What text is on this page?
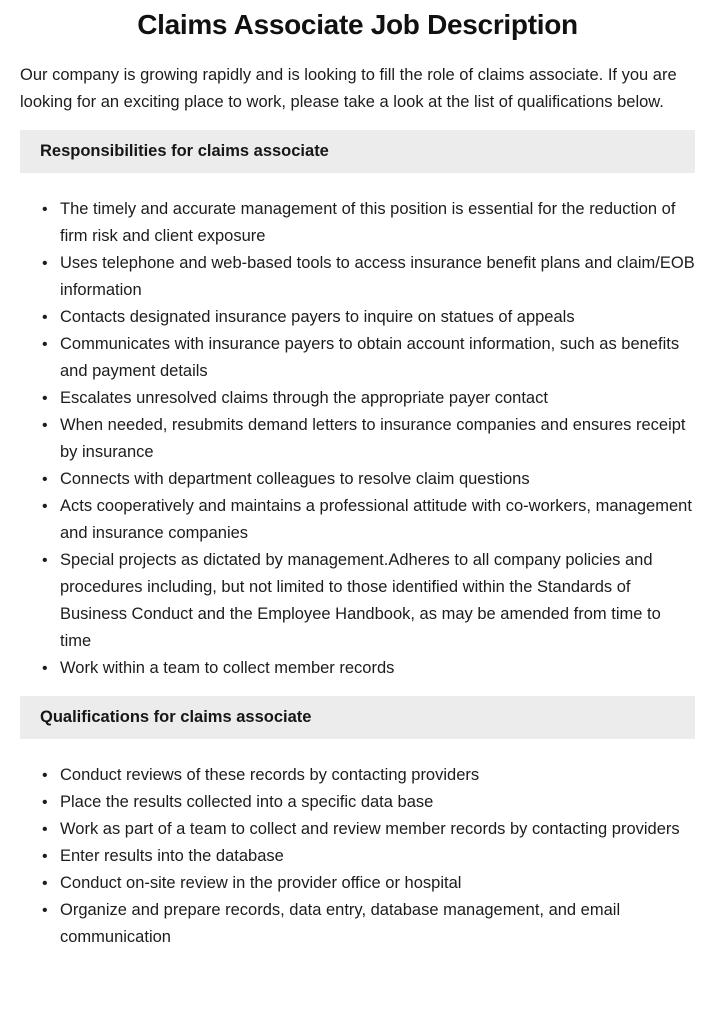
Claims Associate Job Description

Our company is growing rapidly and is looking to fill the role of claims associate. If you are looking for an exciting place to work, please take a look at the list of qualifications below.

Responsibilities for claims associate
• The timely and accurate management of this position is essential for the reduction of firm risk and client exposure
• Uses telephone and web-based tools to access insurance benefit plans and claim/EOB information
• Contacts designated insurance payers to inquire on statues of appeals
• Communicates with insurance payers to obtain account information, such as benefits and payment details
• Escalates unresolved claims through the appropriate payer contact
• When needed, resubmits demand letters to insurance companies and ensures receipt by insurance
• Connects with department colleagues to resolve claim questions
• Acts cooperatively and maintains a professional attitude with co-workers, management and insurance companies
• Special projects as dictated by management.Adheres to all company policies and procedures including, but not limited to those identified within the Standards of Business Conduct and the Employee Handbook, as may be amended from time to time
• Work within a team to collect member records
Qualifications for claims associate
• Conduct reviews of these records by contacting providers
• Place the results collected into a specific data base
• Work as part of a team to collect and review member records by contacting providers
• Enter results into the database
• Conduct on-site review in the provider office or hospital
• Organize and prepare records, data entry, database management, and email communication
